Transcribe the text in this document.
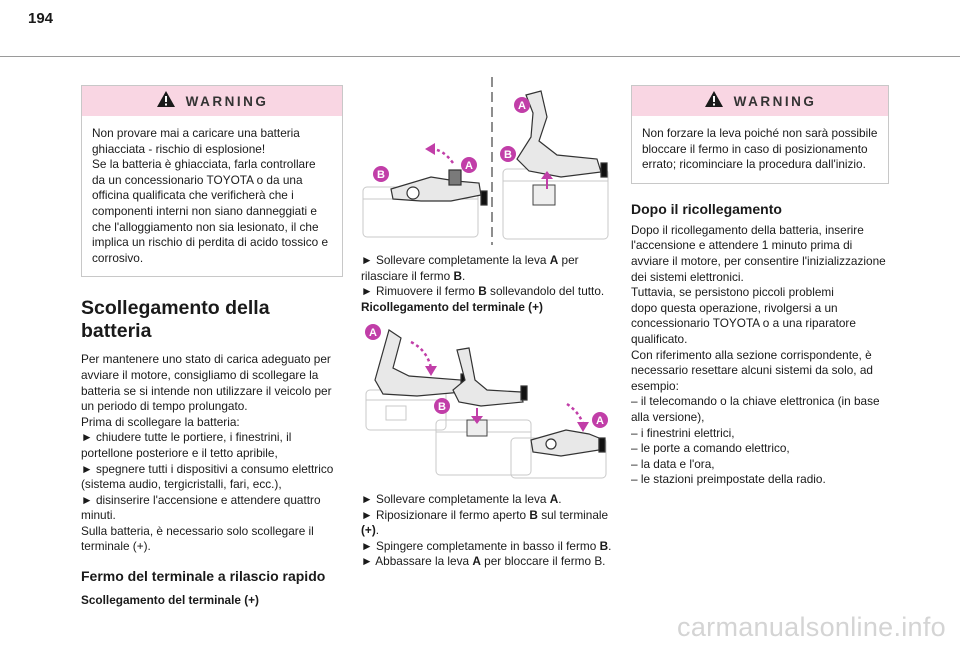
194
WARNING

Non provare mai a caricare una batteria

ghiacciata - rischio di esplosione!

Se la batteria è ghiacciata, farla controllare

da un concessionario TOYOTA o da una

officina qualificata che verificherà che i

componenti interni non siano danneggiati e

che l'alloggiamento non sia lesionato, il che

implica un rischio di perdita di acido tossico e

corrosivo.

Scollegamento della batteria

Per mantenere uno stato di carica adeguato per

avviare il motore, consigliamo di scollegare la

batteria se si intende non utilizzare il veicolo per

un periodo di tempo prolungato.

Prima di scollegare la batteria:

► chiudere tutte le portiere, i finestrini, il

portellone posteriore e il tetto apribile,

► spegnere tutti i dispositivi a consumo elettrico

(sistema audio, tergicristalli, fari, ecc.),

► disinserire l'accensione e attendere quattro

minuti.

Sulla batteria, è necessario solo scollegare il

terminale (+).

Fermo del terminale a rilascio rapido
Scollegamento del terminale (+)
A
B
A
B

► Sollevare completamente la leva A per

rilasciare il fermo B.

► Rimuovere il fermo B sollevandolo del tutto.

Ricollegamento del terminale (+)
A
B
A

► Sollevare completamente la leva A.

► Riposizionare il fermo aperto B sul terminale

(+).

► Spingere completamente in basso il fermo B.

► Abbassare la leva A per bloccare il fermo B.

WARNING

Non forzare la leva poiché non sarà possibile

bloccare il fermo in caso di posizionamento

errato; ricominciare la procedura dall'inizio.

Dopo il ricollegamento

Dopo il ricollegamento della batteria, inserire

l'accensione e attendere 1 minuto prima di

avviare il motore, per consentire l'inizializzazione

dei sistemi elettronici.

Tuttavia, se persistono piccoli problemi

dopo questa operazione, rivolgersi a un

concessionario TOYOTA o a una riparatore

qualificato.

Con riferimento alla sezione corrispondente, è

necessario resettare alcuni sistemi da solo, ad

esempio:

– il telecomando o la chiave elettronica (in base

alla versione),

– i finestrini elettrici,

– le porte a comando elettrico,

– la data e l'ora,

– le stazioni preimpostate della radio.

carmanualsonline.info
